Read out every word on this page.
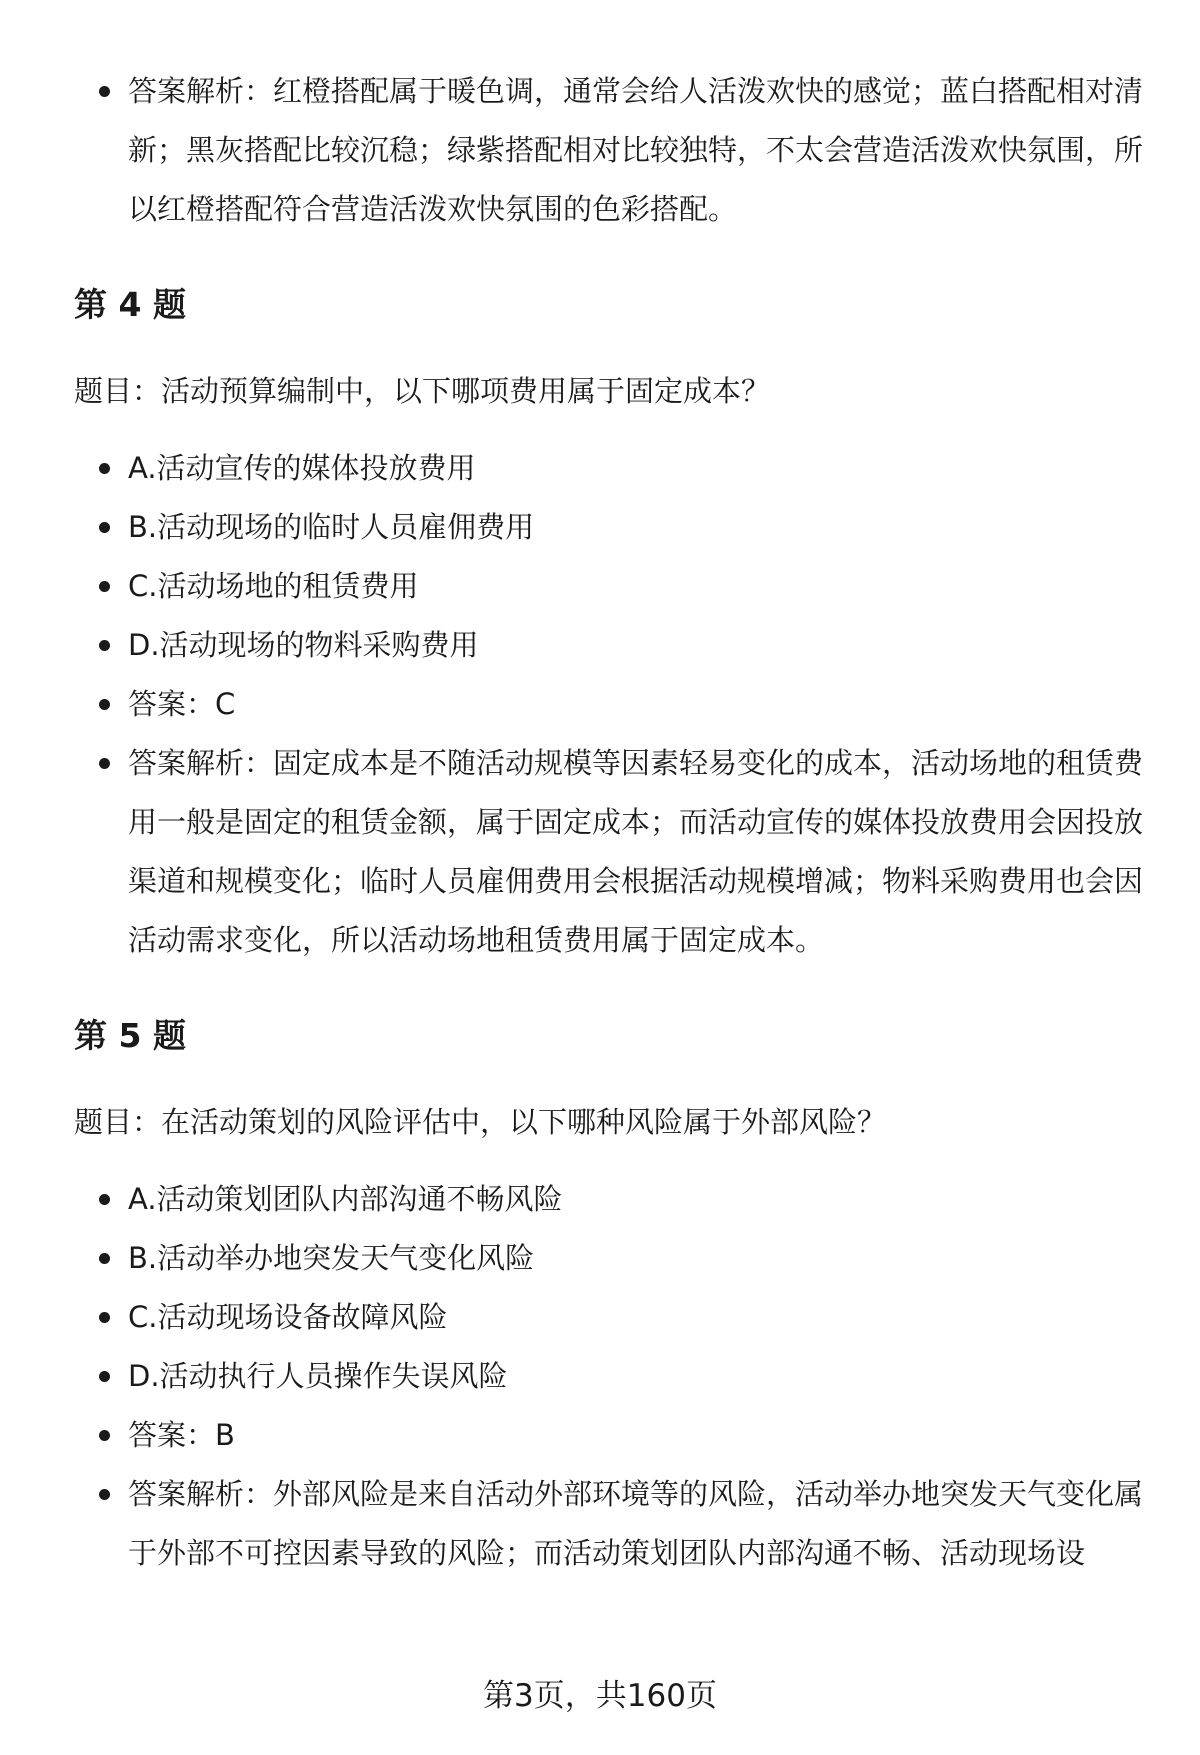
答案解析：红橙搭配属于暖色调，通常会给人活泼欢快的感觉；蓝白搭配相对清新；黑灰搭配比较沉稳；绿紫搭配相对比较独特，不太会营造活泼欢快氛围，所以红橙搭配符合营造活泼欢快氛围的色彩搭配。
第 4 题

题目：活动预算编制中，以下哪项费用属于固定成本？

A.活动宣传的媒体投放费用
B.活动现场的临时人员雇佣费用
C.活动场地的租赁费用
D.活动现场的物料采购费用
答案：C
答案解析：固定成本是不随活动规模等因素轻易变化的成本，活动场地的租赁费用一般是固定的租赁金额，属于固定成本；而活动宣传的媒体投放费用会因投放渠道和规模变化；临时人员雇佣费用会根据活动规模增减；物料采购费用也会因活动需求变化，所以活动场地租赁费用属于固定成本。
第 5 题

题目：在活动策划的风险评估中，以下哪种风险属于外部风险？

A.活动策划团队内部沟通不畅风险
B.活动举办地突发天气变化风险
C.活动现场设备故障风险
D.活动执行人员操作失误风险
答案：B
答案解析：外部风险是来自活动外部环境等的风险，活动举办地突发天气变化属于外部不可控因素导致的风险；而活动策划团队内部沟通不畅、活动现场设
第3页，共160页
